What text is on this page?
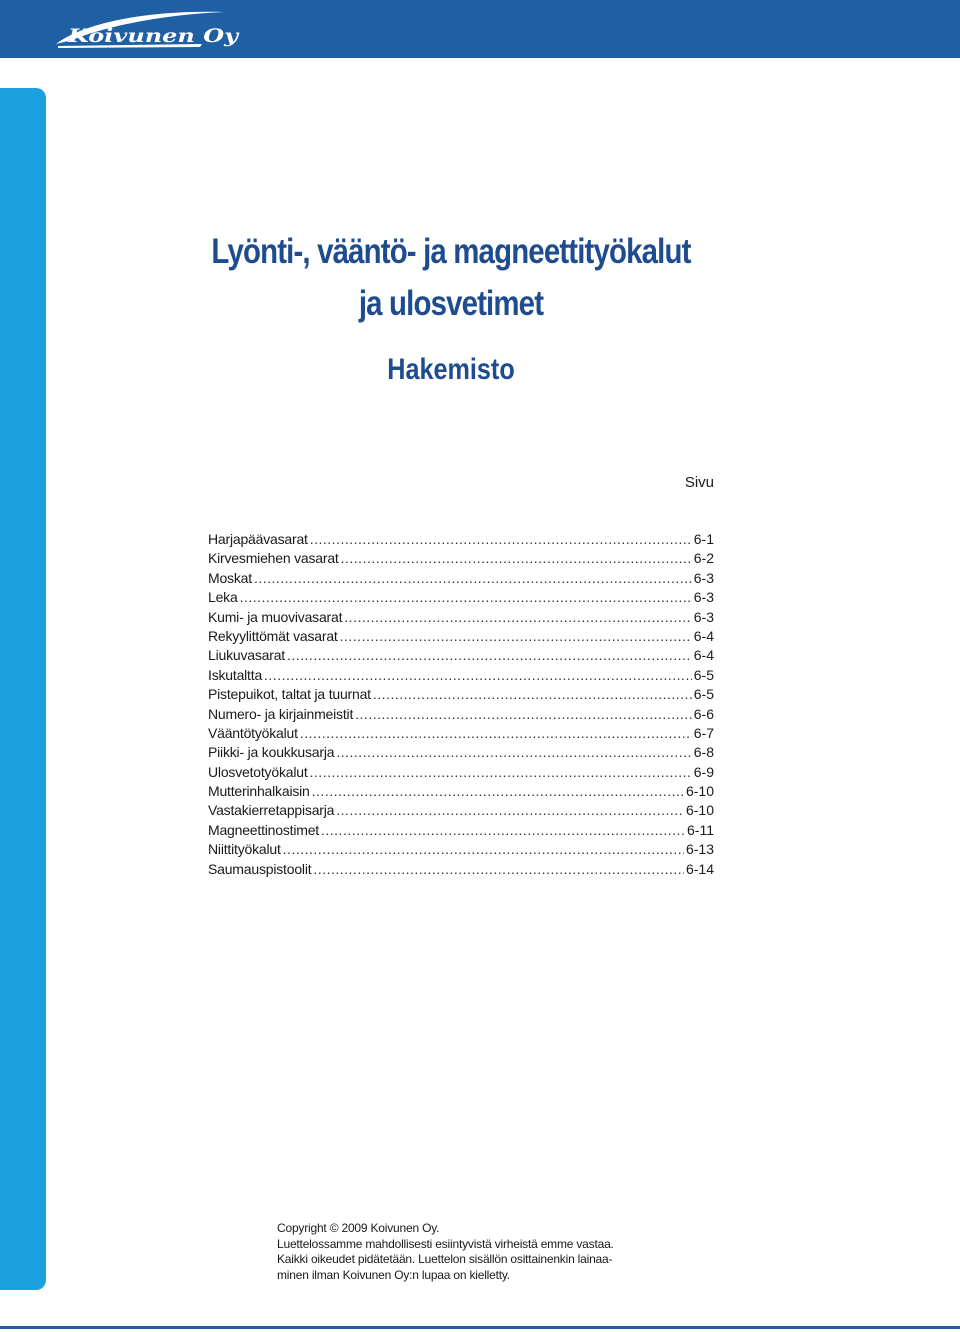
Koivunen Oy
Lyönti-, vääntö- ja magneettityökalut
ja ulosvetimet
Hakemisto
Sivu
Harjapäävasarat .....	6-1
Kirvesmiehen vasarat .....	6-2
Moskat .....	6-3
Leka .....	6-3
Kumi- ja muovivasarat .....	6-3
Rekyylittömät vasarat .....	6-4
Liukuvasarat .....	6-4
Iskutaltta .....	6-5
Pistepuikot, taltat ja tuurnat .....	6-5
Numero- ja kirjainmeistit .....	6-6
Vääntötyökalut .....	6-7
Piikki- ja koukkusarja .....	6-8
Ulosvetotyökalut .....	6-9
Mutterinhalkaisin .....	6-10
Vastakierretappisarja .....	6-10
Magneettinostimet .....	6-11
Niittityökalut .....	6-13
Saumauspistoolit .....	6-14
Copyright © 2009 Koivunen Oy.
Luettelossamme mahdollisesti esiintyvistä virheistä emme vastaa.
Kaikki oikeudet pidätetään. Luettelon sisällön osittainenkin lainaa-
minen ilman Koivunen Oy:n lupaa on kielletty.
